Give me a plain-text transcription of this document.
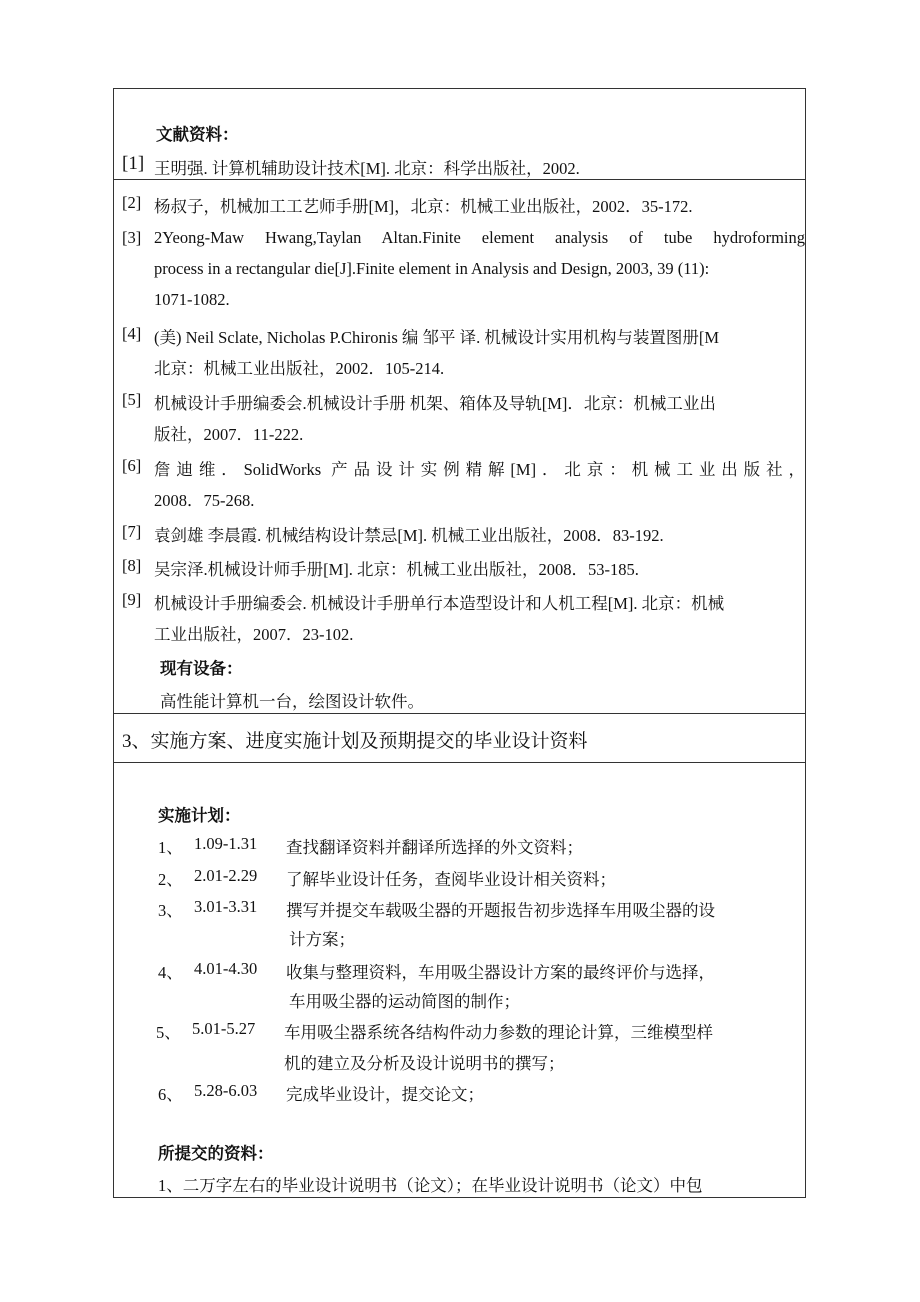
文献资料：
[1] 王明强. 计算机辅助设计技术[M]. 北京：科学出版社，2002.
[2] 杨叔子，机械加工工艺师手册[M]，北京：机械工业出版社，2002．35-172.
[3] 2Yeong-Maw Hwang,Taylan Altan.Finite element analysis of tube hydroforming
process in a rectangular die[J].Finite element in Analysis and Design, 2003, 39 (11):
1071-1082.
[4] (美) Neil Sclate, Nicholas P.Chironis 编 邹平 译. 机械设计实用机构与装置图册[M
北京：机械工业出版社，2002．105-214.
[5] 机械设计手册编委会.机械设计手册 机架、箱体及导轨[M]．北京：机械工业出
版社，2007．11-222.
[6] 詹迪维．SolidWorks 产品设计实例精解[M]．北京：机械工业出版社，
2008．75-268.
[7] 袁剑雄 李晨霞. 机械结构设计禁忌[M]. 机械工业出版社，2008．83-192.
[8] 吴宗泽.机械设计师手册[M]. 北京：机械工业出版社，2008．53-185.
[9] 机械设计手册编委会. 机械设计手册单行本造型设计和人机工程[M]. 北京：机械
工业出版社，2007．23-102.
现有设备：
高性能计算机一台，绘图设计软件。
3、实施方案、进度实施计划及预期提交的毕业设计资料
实施计划：
1、 1.09-1.31 查找翻译资料并翻译所选择的外文资料；
2、 2.01-2.29 了解毕业设计任务，查阅毕业设计相关资料；
3、 3.01-3.31 撰写并提交车载吸尘器的开题报告初步选择车用吸尘器的设
计方案；
4、 4.01-4.30 收集与整理资料，车用吸尘器设计方案的最终评价与选择，
车用吸尘器的运动简图的制作；
5、 5.01-5.27 车用吸尘器系统各结构件动力参数的理论计算，三维模型样
机的建立及分析及设计说明书的撰写；
6、 5.28-6.03 完成毕业设计，提交论文；
所提交的资料：
1、二万字左右的毕业设计说明书（论文）；在毕业设计说明书（论文）中包
